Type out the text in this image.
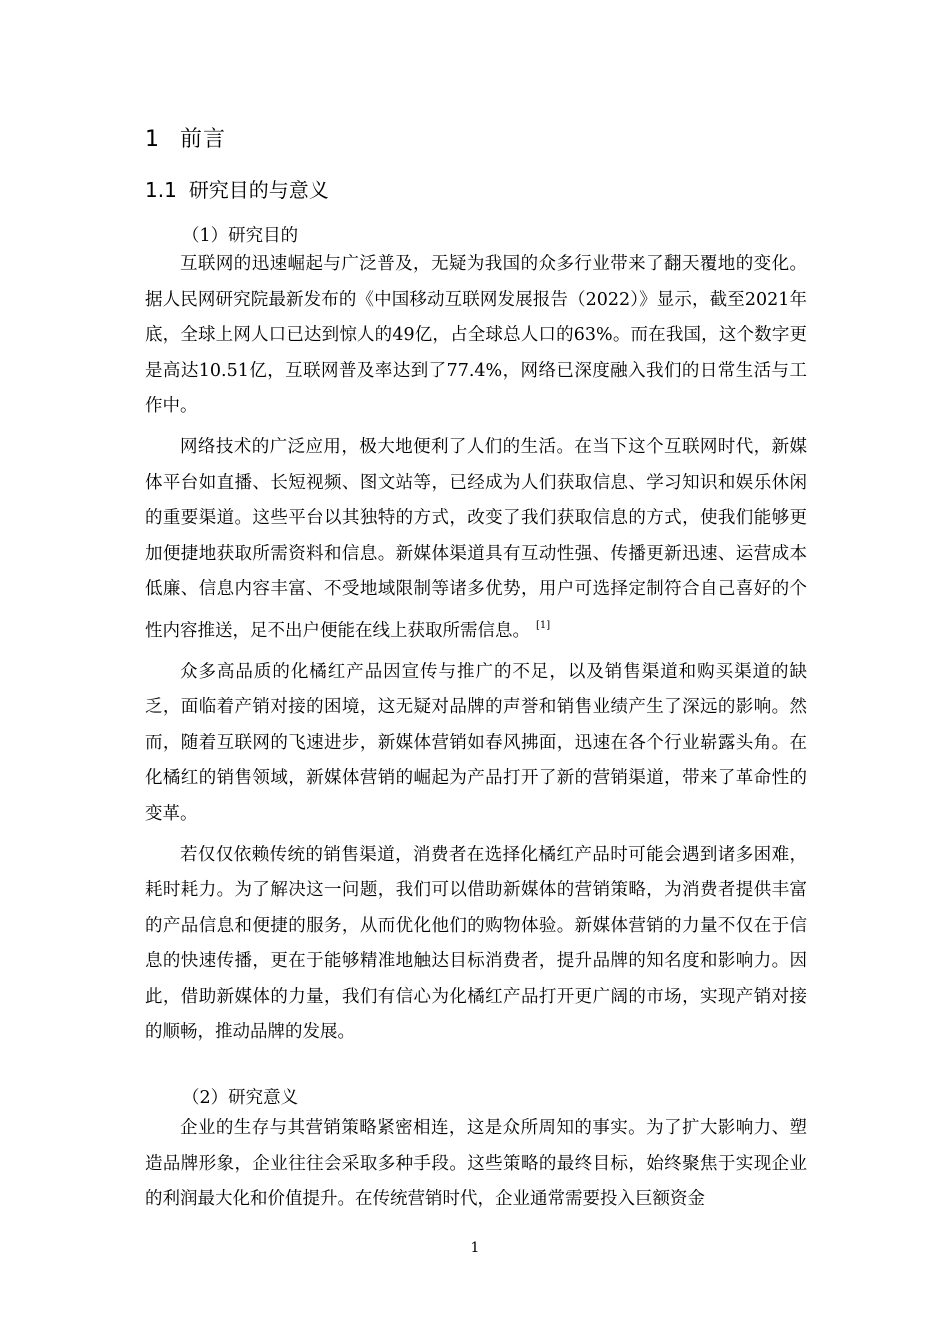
1 前言
1.1 研究目的与意义
（1）研究目的

互联网的迅速崛起与广泛普及，无疑为我国的众多行业带来了翻天覆地的变化。据人民网研究院最新发布的《中国移动互联网发展报告（2022）》显示，截至2021年底，全球上网人口已达到惊人的49亿，占全球总人口的63%。而在我国，这个数字更是高达10.51亿，互联网普及率达到了77.4%，网络已深度融入我们的日常生活与工作中。

网络技术的广泛应用，极大地便利了人们的生活。在当下这个互联网时代，新媒体平台如直播、长短视频、图文站等，已经成为人们获取信息、学习知识和娱乐休闲的重要渠道。这些平台以其独特的方式，改变了我们获取信息的方式，使我们能够更加便捷地获取所需资料和信息。新媒体渠道具有互动性强、传播更新迅速、运营成本低廉、信息内容丰富、不受地域限制等诸多优势，用户可选择定制符合自己喜好的个性内容推送，足不出户便能在线上获取所需信息。 [1]

众多高品质的化橘红产品因宣传与推广的不足，以及销售渠道和购买渠道的缺乏，面临着产销对接的困境，这无疑对品牌的声誉和销售业绩产生了深远的影响。然而，随着互联网的飞速进步，新媒体营销如春风拂面，迅速在各个行业崭露头角。在化橘红的销售领域，新媒体营销的崛起为产品打开了新的营销渠道，带来了革命性的变革。

若仅仅依赖传统的销售渠道，消费者在选择化橘红产品时可能会遇到诸多困难，耗时耗力。为了解决这一问题，我们可以借助新媒体的营销策略，为消费者提供丰富的产品信息和便捷的服务，从而优化他们的购物体验。新媒体营销的力量不仅在于信息的快速传播，更在于能够精准地触达目标消费者，提升品牌的知名度和影响力。因此，借助新媒体的力量，我们有信心为化橘红产品打开更广阔的市场，实现产销对接的顺畅，推动品牌的发展。

（2）研究意义

企业的生存与其营销策略紧密相连，这是众所周知的事实。为了扩大影响力、塑造品牌形象，企业往往会采取多种手段。这些策略的最终目标，始终聚焦于实现企业的利润最大化和价值提升。在传统营销时代，企业通常需要投入巨额资金

1
